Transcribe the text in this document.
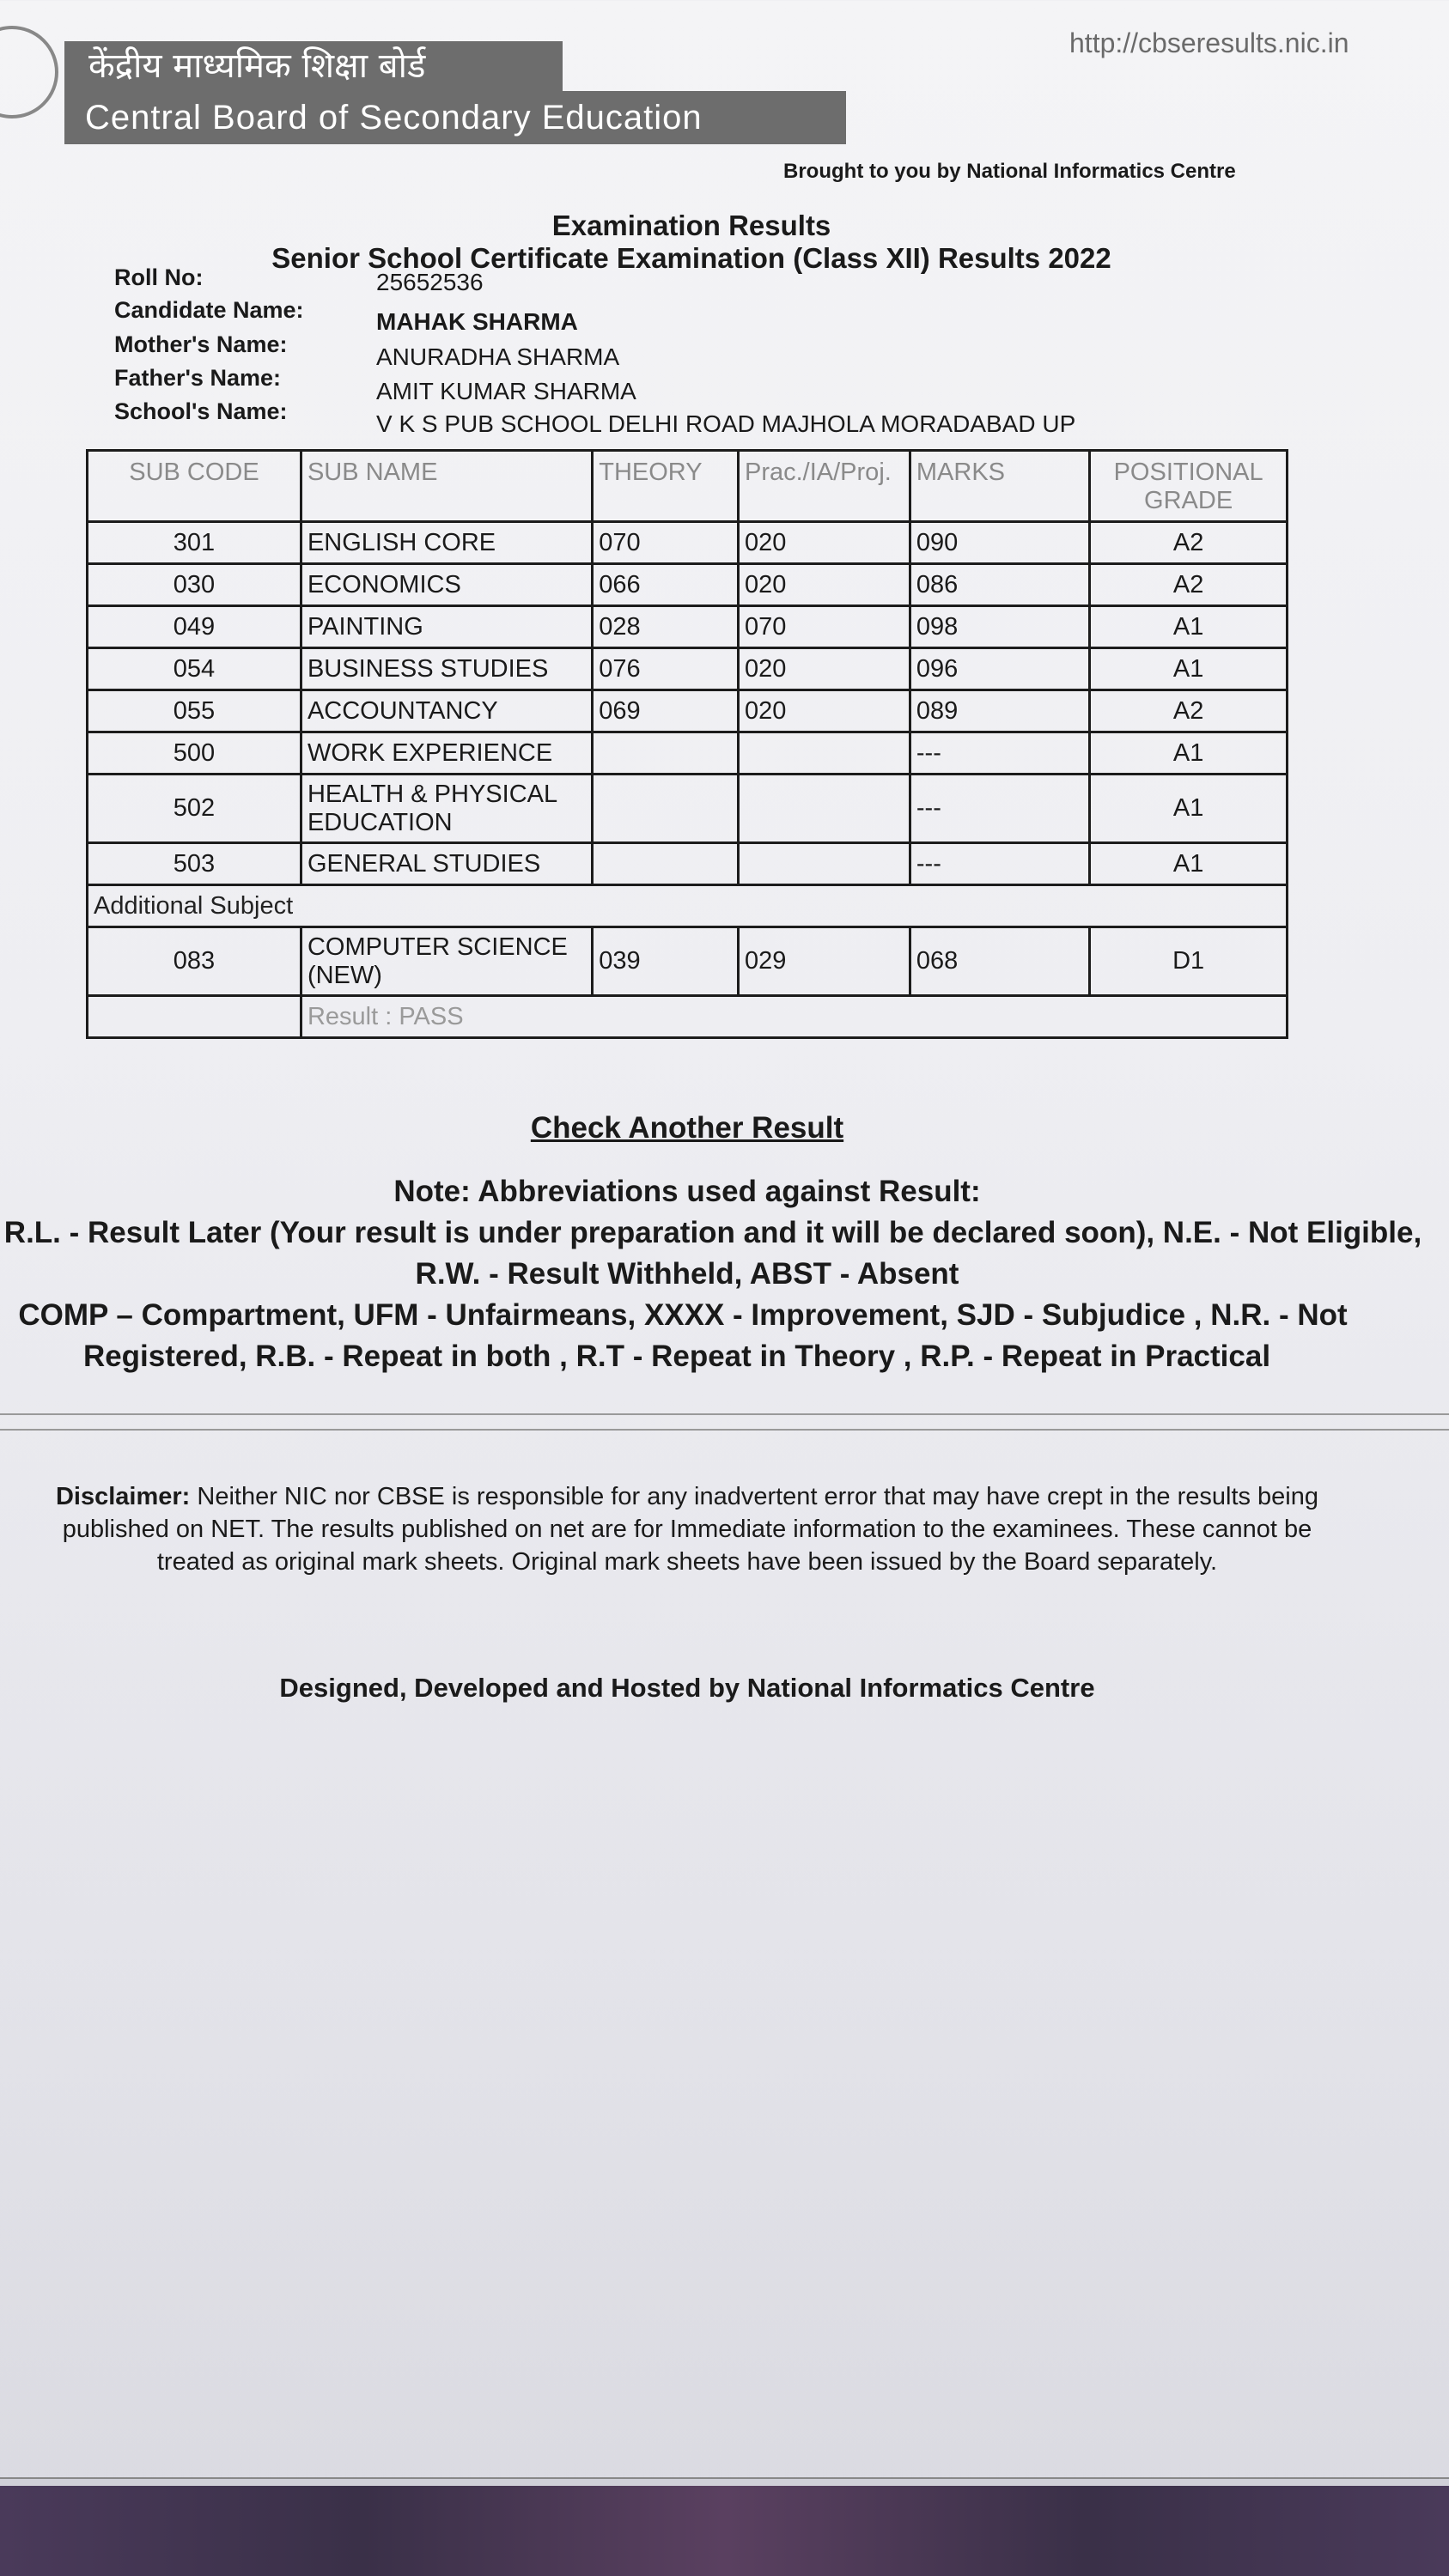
केंद्रीय माध्यमिक शिक्षा बोर्ड
Central Board of Secondary Education
http://cbseresults.nic.in
Brought to you by National Informatics Centre
Examination Results
Senior School Certificate Examination (Class XII) Results 2022
Roll No:	25652536
Candidate Name:	MAHAK SHARMA
Mother's Name:	ANURADHA SHARMA
Father's Name:	AMIT KUMAR SHARMA
School's Name:	V K S PUB SCHOOL DELHI ROAD MAJHOLA MORADABAD UP
SUB CODE	SUB NAME	THEORY	Prac./IA/Proj.	MARKS	POSITIONAL GRADE
301	ENGLISH CORE	070	020	090	A2
030	ECONOMICS	066	020	086	A2
049	PAINTING	028	070	098	A1
054	BUSINESS STUDIES	076	020	096	A1
055	ACCOUNTANCY	069	020	089	A2
500	WORK EXPERIENCE			---	A1
502	HEALTH & PHYSICAL EDUCATION			---	A1
503	GENERAL STUDIES			---	A1
Additional Subject					
083	COMPUTER SCIENCE (NEW)	039	029	068	D1
	Result : PASS				
Check Another Result
Note: Abbreviations used against Result:
R.L. - Result Later (Your result is under preparation and it will be declared soon), N.E. - Not Eligible,
R.W. - Result Withheld, ABST - Absent
COMP – Compartment, UFM - Unfairmeans, XXXX - Improvement, SJD - Subjudice , N.R. - Not
Registered, R.B. - Repeat in both , R.T - Repeat in Theory , R.P. - Repeat in Practical
Disclaimer: Neither NIC nor CBSE is responsible for any inadvertent error that may have crept in the results being published on NET. The results published on net are for Immediate information to the examinees. These cannot be treated as original mark sheets. Original mark sheets have been issued by the Board separately.
Designed, Developed and Hosted by National Informatics Centre
